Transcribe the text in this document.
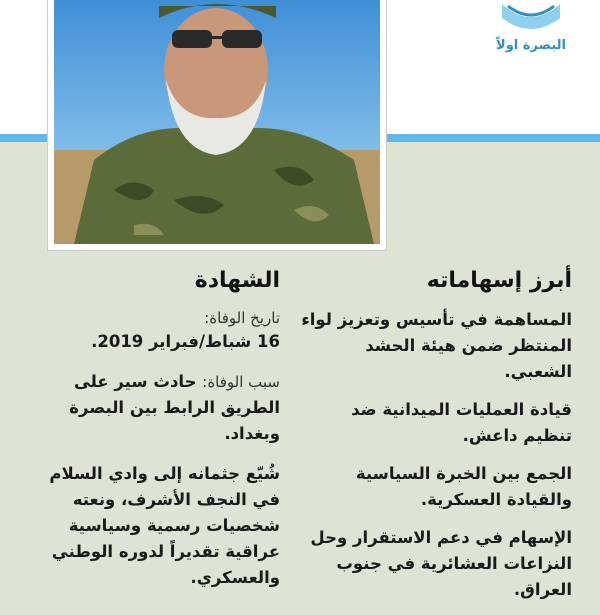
البصرة اولاً
أبرز إسهاماته
المساهمة في تأسيس وتعزيز لواء المنتظر ضمن هيئة الحشد الشعبي.
قيادة العمليات الميدانية ضد تنظيم داعش.
الجمع بين الخبرة السياسية والقيادة العسكرية.
الإسهام في دعم الاستقرار وحل النزاعات العشائرية في جنوب العراق.
الشهادة
تاريخ الوفاة:
16 شباط/فبراير 2019.
سبب الوفاة: حادث سير على الطريق الرابط بين البصرة وبغداد.
شُيّع جثمانه إلى وادي السلام في النجف الأشرف، ونعته شخصيات رسمية وسياسية عراقية تقديراً لدوره الوطني والعسكري.
